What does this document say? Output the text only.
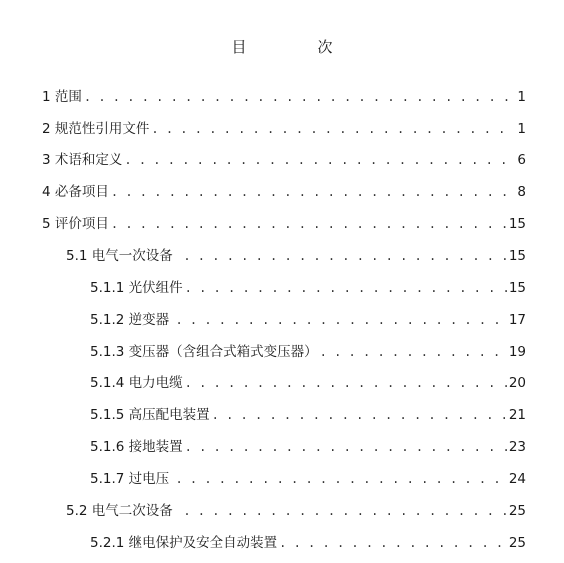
目　次
1 范围 . . .	1
2 规范性引用文件 . . .	1
3 术语和定义 . . .	6
4 必备项目 . . .	8
5 评价项目 . . .	15
5.1 电气一次设备 . . .	15
5.1.1 光伏组件 . . .	15
5.1.2 逆变器 . . .	17
5.1.3 变压器（含组合式箱式变压器） . . .	19
5.1.4 电力电缆 . . .	20
5.1.5 高压配电装置 . . .	21
5.1.6 接地装置 . . .	23
5.1.7 过电压 . . .	24
5.2 电气二次设备 . . .	25
5.2.1 继电保护及安全自动装置 . . .	25
